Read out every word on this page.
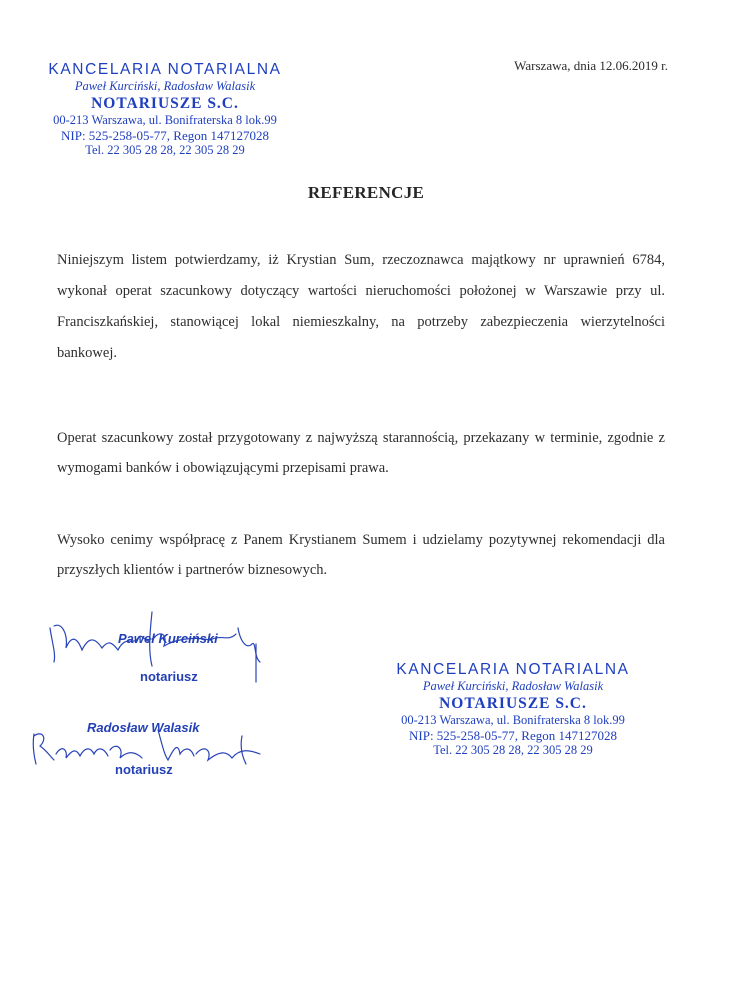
KANCELARIA NOTARIALNA
Paweł Kurciński, Radosław Walasik
NOTARIUSZE S.C.
00-213 Warszawa, ul. Bonifraterska 8 lok.99
NIP: 525-258-05-77, Regon 147127028
Tel. 22 305 28 28, 22 305 28 29
Warszawa, dnia 12.06.2019 r.
REFERENCJE
Niniejszym listem potwierdzamy, iż Krystian Sum, rzeczoznawca majątkowy nr uprawnień 6784, wykonał operat szacunkowy dotyczący wartości nieruchomości położonej w Warszawie przy ul. Franciszkańskiej, stanowiącej lokal niemieszkalny, na potrzeby zabezpieczenia wierzytelności bankowej.
Operat szacunkowy został przygotowany z najwyższą starannością, przekazany w terminie, zgodnie z wymogami banków i obowiązującymi przepisami prawa.
Wysoko cenimy współpracę z Panem Krystianem Sumem i udzielamy pozytywnej rekomendacji dla przyszłych klientów i partnerów biznesowych.
Paweł Kurciński
notariusz
Radosław Walasik
notariusz
KANCELARIA NOTARIALNA
Paweł Kurciński, Radosław Walasik
NOTARIUSZE S.C.
00-213 Warszawa, ul. Bonifraterska 8 lok.99
NIP: 525-258-05-77, Regon 147127028
Tel. 22 305 28 28, 22 305 28 29
